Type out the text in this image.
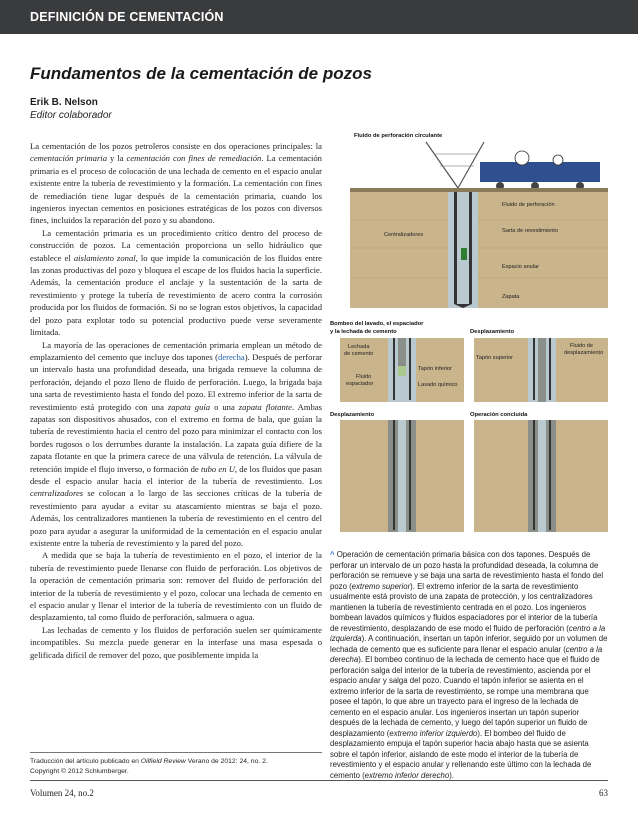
DEFINICIÓN DE CEMENTACIÓN
Fundamentos de la cementación de pozos
Erik B. Nelson
Editor colaborador

La cementación de los pozos petroleros consiste en dos operaciones principales: la cementación primaria y la cementación con fines de remediación. La cementación primaria es el proceso de colocación de una lechada de cemento en el espacio anular existente entre la tubería de revestimiento y la formación. La cementación con fines de remediación tiene lugar después de la cementación primaria, cuando los ingenieros inyectan cementos en posiciones estratégicas de los pozos con diversos fines, incluidos la reparación del pozo y su abandono.

La cementación primaria es un procedimiento crítico dentro del proceso de construcción de pozos. La cementación proporciona un sello hidráulico que establece el aislamiento zonal, lo que impide la comunicación de los fluidos entre las zonas productivas del pozo y bloquea el escape de los fluidos hacia la superficie. Además, la cementación produce el anclaje y la sustentación de la sarta de revestimiento y protege la tubería de revestimiento de acero contra la corrosión producida por los fluidos de formación. Si no se logran estos objetivos, la capacidad del pozo para explotar todo su potencial productivo puede verse severamente limitada.

La mayoría de las operaciones de cementación primaria emplean un método de emplazamiento del cemento que incluye dos tapones (derecha). Después de perforar un intervalo hasta una profundidad deseada, una brigada remueve la columna de perforación, dejando el pozo lleno de fluido de perforación. Luego, la brigada baja una sarta de revestimiento hasta el fondo del pozo. El extremo inferior de la sarta de revestimiento está protegido con una zapata guía o una zapata flotante. Ambas zapatas son dispositivos ahusados, con el extremo en forma de bala, que guían la tubería de revestimiento hacia el centro del pozo para minimizar el contacto con los bordes rugosos o los derrumbes durante la instalación. La zapata guía difiere de la zapata flotante en que la primera carece de una válvula de retención. La válvula de retención impide el flujo inverso, o formación de tubo en U, de los fluidos que pasan desde el espacio anular hacia el interior de la tubería de revestimiento. Los centralizadores se colocan a lo largo de las secciones críticas de la tubería de revestimiento para ayudar a evitar su atascamiento mientras se baja el pozo. Además, los centralizadores mantienen la tubería de revestimiento en el centro del pozo para ayudar a asegurar la uniformidad de la cementación en el espacio anular existente entre la tubería de revestimiento y la pared del pozo.

A medida que se baja la tubería de revestimiento en el pozo, el interior de la tubería de revestimiento puede llenarse con fluido de perforación. Los objetivos de la operación de cementación primaria son: remover del fluido de perforación del interior de la tubería de revestimiento y el pozo, colocar una lechada de cemento en el espacio anular y llenar el interior de la tubería de revestimiento con un fluido de desplazamiento, tal como fluido de perforación, salmuera o agua.

Las lechadas de cemento y los fluidos de perforación suelen ser químicamente incompatibles. Su mezcla puede generar en la interfase una masa espesada o gelificada difícil de remover del pozo, que posiblemente impida la

Traducción del artículo publicado en Oilfield Review Verano de 2012: 24, no. 2.
Copyright © 2012 Schlumberger.
Fluido de perforación circulante
Fluido de perforación
Sarta de revestimiento
Centralizadores
Espacio anular
Zapata
Bombeo del lavado, el espaciador
y la lechada de cemento
Lechada
de cemento
Fluido
espaciador
Tapón inferior
Lavado químico
Desplazamiento
Tapón superior
Fluido de
desplazamiento
Desplazamiento	Operación concluida
^ Operación de cementación primaria básica con dos tapones. Después de perforar un intervalo de un pozo hasta la profundidad deseada, la columna de perforación se remueve y se baja una sarta de revestimiento hasta el fondo del pozo (extremo superior). El extremo inferior de la sarta de revestimiento usualmente está provisto de una zapata de protección, y los centralizadores mantienen la tubería de revestimiento centrada en el pozo. Los ingenieros bombean lavados químicos y fluidos espaciadores por el interior de la tubería de revestimiento, desplazando de ese modo el fluido de perforación (centro a la izquierda). A continuación, insertan un tapón inferior, seguido por un volumen de lechada de cemento que es suficiente para llenar el espacio anular (centro a la derecha). El bombeo continuo de la lechada de cemento hace que el fluido de perforación salga del interior de la tubería de revestimiento, ascienda por el espacio anular y salga del pozo. Cuando el tapón inferior se asienta en el extremo inferior de la sarta de revestimiento, se rompe una membrana que posee el tapón, lo que abre un trayecto para el ingreso de la lechada de cemento en el espacio anular. Los ingenieros insertan un tapón superior después de la lechada de cemento, y luego del tapón superior un fluido de desplazamiento (extremo inferior izquierdo). El bombeo del fluido de desplazamiento empuja el tapón superior hacia abajo hasta que se asienta sobre el tapón inferior, aislando de este modo el interior de la tubería de revestimiento y el espacio anular y rellenando este último con la lechada de cemento (extremo inferior derecho).
Volumen 24, no.2	63
